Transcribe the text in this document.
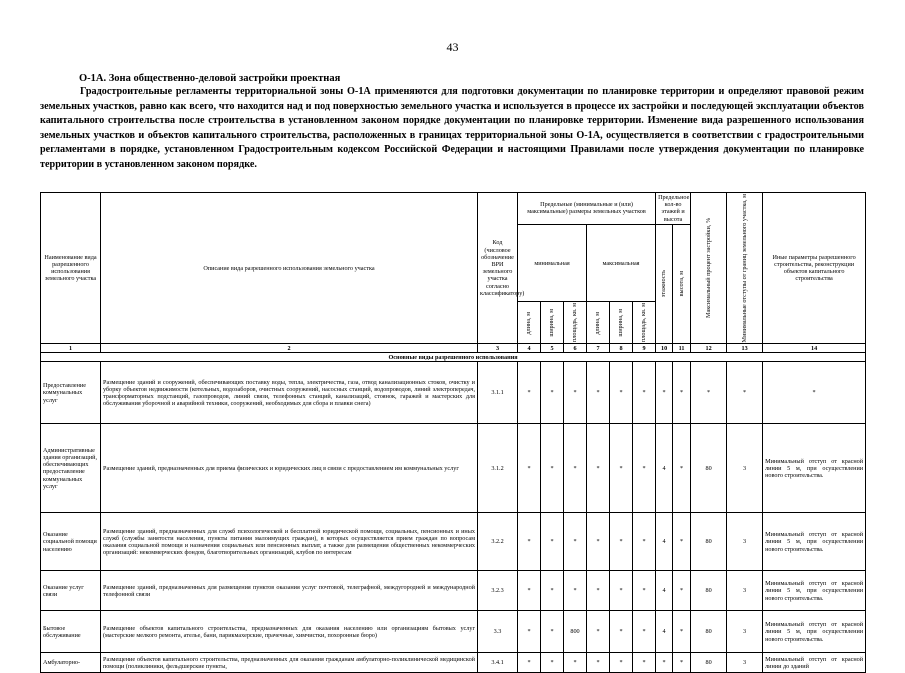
43
О-1А. Зона общественно-деловой застройки проектная
Градостроительные регламенты территориальной зоны О-1А применяются для подготовки документации по планировке территории и определяют правовой режим земельных участков, равно как всего, что находится над и под поверхностью земельного участка и используется в процессе их застройки и последующей эксплуатации объектов капитального строительства после строительства в установленном законом порядке документации по планировке территории. Изменение вида разрешенного использования земельных участков и объектов капитального строительства, расположенных в границах территориальной зоны О-1А, осуществляется в соответствии с градостроительными регламентами в порядке, установленном Градостроительным кодексом Российской Федерации и настоящими Правилами после утверждения документации по планировке территории в установленном законом порядке.
Наименование вида разрешенного использования земельного участка	Описание вида разрешенного использования земельного участка	Код (числовое обозначение ВРИ земельного участка согласно классификатору)	Предельные (минимальные и (или) максимальные) размеры земельных участков						Предельное кол-во этажей и высота		Максимальный процент застройки, %	Минимальные отступы от границ земельного участка, м	Иные параметры разрешенного строительства, реконструкции объектов капитального строительства
			минимальная			максимальная			этажность	высота, м			

			длина, м	ширина, м	площадь, кв. м	длина, м	ширина, м	площадь, кв. м					

1	2	3	4	5	6	7	8	9	10	11	12	13	14
Основные виды разрешенного использования													
Предоставление коммунальных услуг	Размещение зданий и сооружений, обеспечивающих поставку воды, тепла, электричества, газа, отвод канализационных стоков, очистку и уборку объектов недвижимости (котельных, водозаборов, очистных сооружений, насосных станций, водопроводов, линий электропередач, трансформаторных подстанций, газопроводов, линий связи, телефонных станций, канализаций, стоянок, гаражей и мастерских для обслуживания уборочной и аварийной техники, сооружений, необходимых для сбора и плавки снега)	3.1.1	*	*	*	*	*	*	*	*	*	*	*
Административные здания организаций, обеспечивающих предоставление коммунальных услуг	Размещение зданий, предназначенных для приема физических и юридических лиц в связи с предоставлением им коммунальных услуг	3.1.2	*	*	*	*	*	*	4	*	80	3	Минимальный отступ от красной линии 5 м, при осуществлении нового строительства.
Оказание социальной помощи населению	Размещение зданий, предназначенных для служб психологической и бесплатной юридической помощи, социальных, пенсионных и иных служб (службы занятости населения, пункты питания малоимущих граждан), в которых осуществляется прием граждан по вопросам оказания социальной помощи и назначения социальных или пенсионных выплат, а также для размещения общественных некоммерческих организаций: некоммерческих фондов, благотворительных организаций, клубов по интересам	3.2.2	*	*	*	*	*	*	4	*	80	3	Минимальный отступ от красной линии 5 м, при осуществлении нового строительства.
Оказание услуг связи	Размещение зданий, предназначенных для размещения пунктов оказания услуг почтовой, телеграфной, междугородней и международной телефонной связи	3.2.3	*	*	*	*	*	*	4	*	80	3	Минимальный отступ от красной линии 5 м, при осуществлении нового строительства.
Бытовое обслуживание	Размещение объектов капитального строительства, предназначенных для оказания населению или организациям бытовых услуг (мастерские мелкого ремонта, ателье, бани, парикмахерские, прачечные, химчистки, похоронные бюро)	3.3	*	*	800	*	*	*	4	*	80	3	Минимальный отступ от красной линии 5 м, при осуществлении нового строительства.
Амбулаторно-	Размещение объектов капитального строительства, предназначенных для оказания гражданам амбулаторно-поликлинической медицинской помощи (поликлиники, фельдшерские пункты,	3.4.1	*	*	*	*	*	*	*	*	80	3	Минимальный отступ от красной линии до зданий
